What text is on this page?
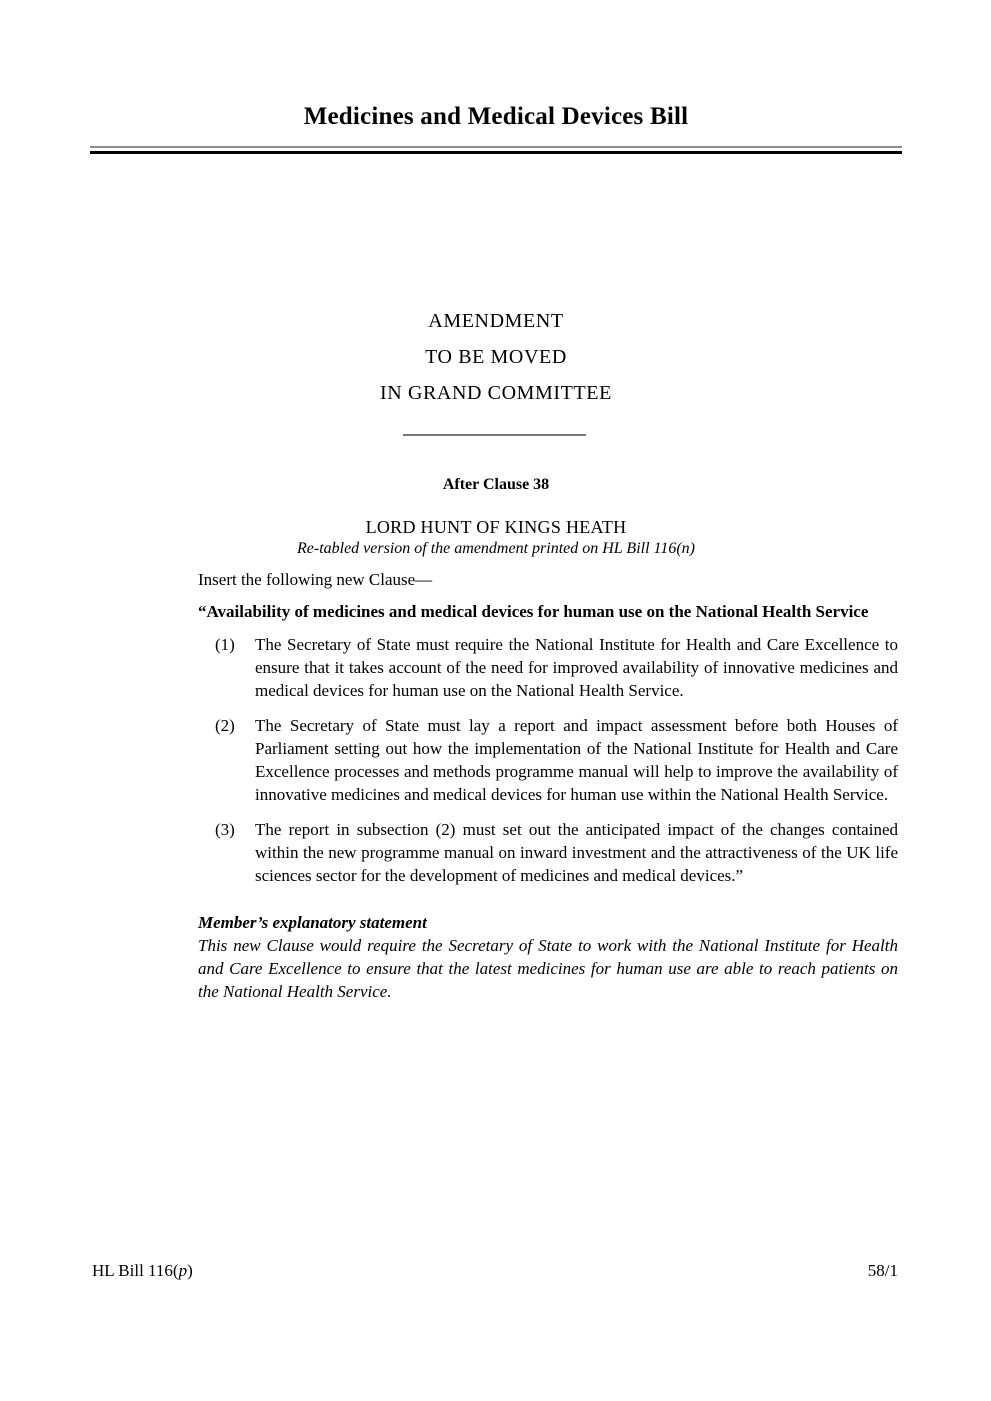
Medicines and Medical Devices Bill
AMENDMENT
TO BE MOVED
IN GRAND COMMITTEE
After Clause 38
LORD HUNT OF KINGS HEATH
Re-tabled version of the amendment printed on HL Bill 116(n)
Insert the following new Clause—
“Availability of medicines and medical devices for human use on the National Health Service
(1)	The Secretary of State must require the National Institute for Health and Care Excellence to ensure that it takes account of the need for improved availability of innovative medicines and medical devices for human use on the National Health Service.
(2)	The Secretary of State must lay a report and impact assessment before both Houses of Parliament setting out how the implementation of the National Institute for Health and Care Excellence processes and methods programme manual will help to improve the availability of innovative medicines and medical devices for human use within the National Health Service.
(3)	The report in subsection (2) must set out the anticipated impact of the changes contained within the new programme manual on inward investment and the attractiveness of the UK life sciences sector for the development of medicines and medical devices.”
Member’s explanatory statement
This new Clause would require the Secretary of State to work with the National Institute for Health and Care Excellence to ensure that the latest medicines for human use are able to reach patients on the National Health Service.
HL Bill 116(p)	58/1
